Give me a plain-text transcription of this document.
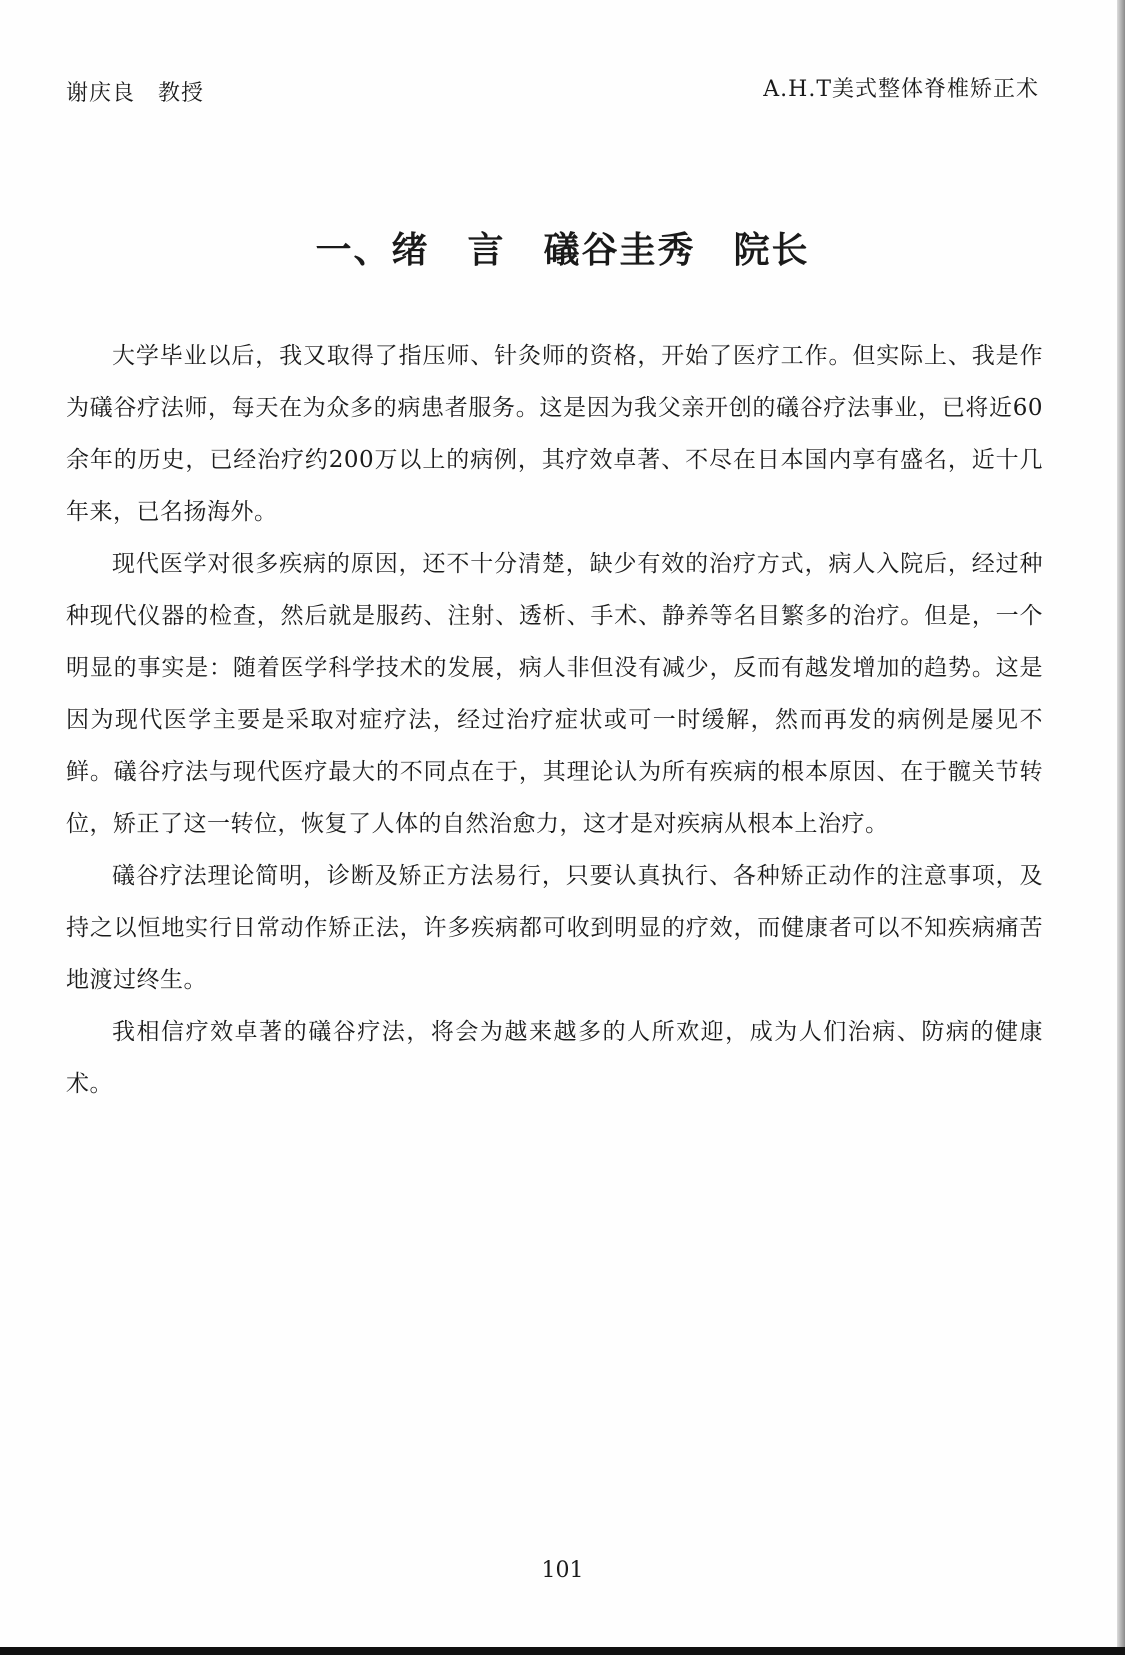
谢庆良　教授	A.H.T美式整体脊椎矫正术
一、绪　言　礒谷圭秀　院长

大学毕业以后，我又取得了指压师、针灸师的资格，开始了医疗工作。但实际上、我是作为礒谷疗法师，每天在为众多的病患者服务。这是因为我父亲开创的礒谷疗法事业，已将近60余年的历史，已经治疗约200万以上的病例，其疗效卓著、不尽在日本国内享有盛名，近十几年来，已名扬海外。

现代医学对很多疾病的原因，还不十分清楚，缺少有效的治疗方式，病人入院后，经过种种现代仪器的检查，然后就是服药、注射、透析、手术、静养等名目繁多的治疗。但是，一个明显的事实是：随着医学科学技术的发展，病人非但没有减少，反而有越发增加的趋势。这是因为现代医学主要是采取对症疗法，经过治疗症状或可一时缓解，然而再发的病例是屡见不鲜。礒谷疗法与现代医疗最大的不同点在于，其理论认为所有疾病的根本原因、在于髋关节转位，矫正了这一转位，恢复了人体的自然治愈力，这才是对疾病从根本上治疗。

礒谷疗法理论简明，诊断及矫正方法易行，只要认真执行、各种矫正动作的注意事项，及持之以恒地实行日常动作矫正法，许多疾病都可收到明显的疗效，而健康者可以不知疾病痛苦地渡过终生。

我相信疗效卓著的礒谷疗法，将会为越来越多的人所欢迎，成为人们治病、防病的健康术。

101
